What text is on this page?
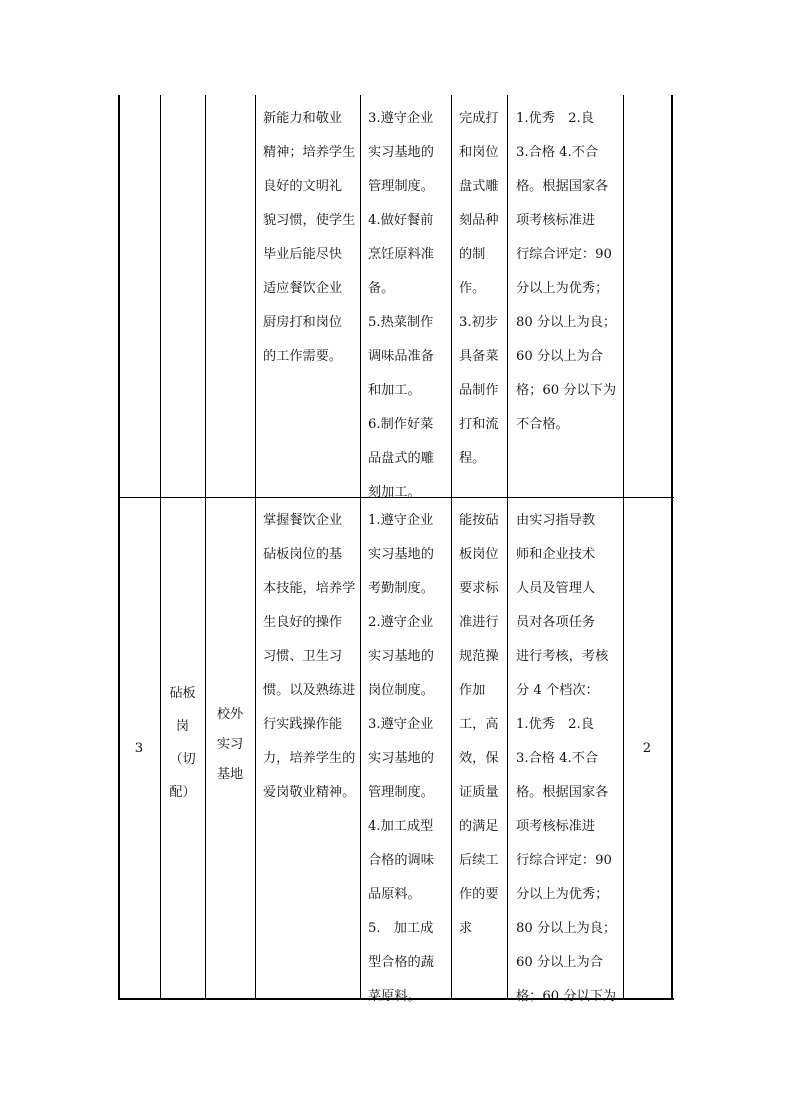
新能力和敬业
精神；培养学生
良好的文明礼
貌习惯，使学生
毕业后能尽快
适应餐饮企业
厨房打和岗位
的工作需要。
3.遵守企业
实习基地的
管理制度。
4.做好餐前
烹饪原料准
备。
5.热菜制作
调味品准备
和加工。
6.制作好菜
品盘式的雕
刻加工。
完成打
和岗位
盘式雕
刻品种
的制
作。
3.初步
具备菜
品制作
打和流
程。
1.优秀　2.良
3.合格 4.不合
格。根据国家各
项考核标准进
行综合评定：90
分以上为优秀；
80 分以上为良；
60 分以上为合
格；60 分以下为
不合格。
3
砧板
岗
（切
配）
校外
实习
基地
掌握餐饮企业
砧板岗位的基
本技能，培养学
生良好的操作
习惯、卫生习
惯。以及熟练进
行实践操作能
力，培养学生的
爱岗敬业精神。
1.遵守企业
实习基地的
考勤制度。
2.遵守企业
实习基地的
岗位制度。
3.遵守企业
实习基地的
管理制度。
4.加工成型
合格的调味
品原料。
5.　加工成
型合格的蔬
菜原料。
能按砧
板岗位
要求标
准进行
规范操
作加
工，高
效，保
证质量
的满足
后续工
作的要
求
由实习指导教
师和企业技术
人员及管理人
员对各项任务
进行考核，考核
分 4 个档次：
1.优秀　2.良
3.合格 4.不合
格。根据国家各
项考核标准进
行综合评定：90
分以上为优秀；
80 分以上为良；
60 分以上为合
格；60 分以下为
2
